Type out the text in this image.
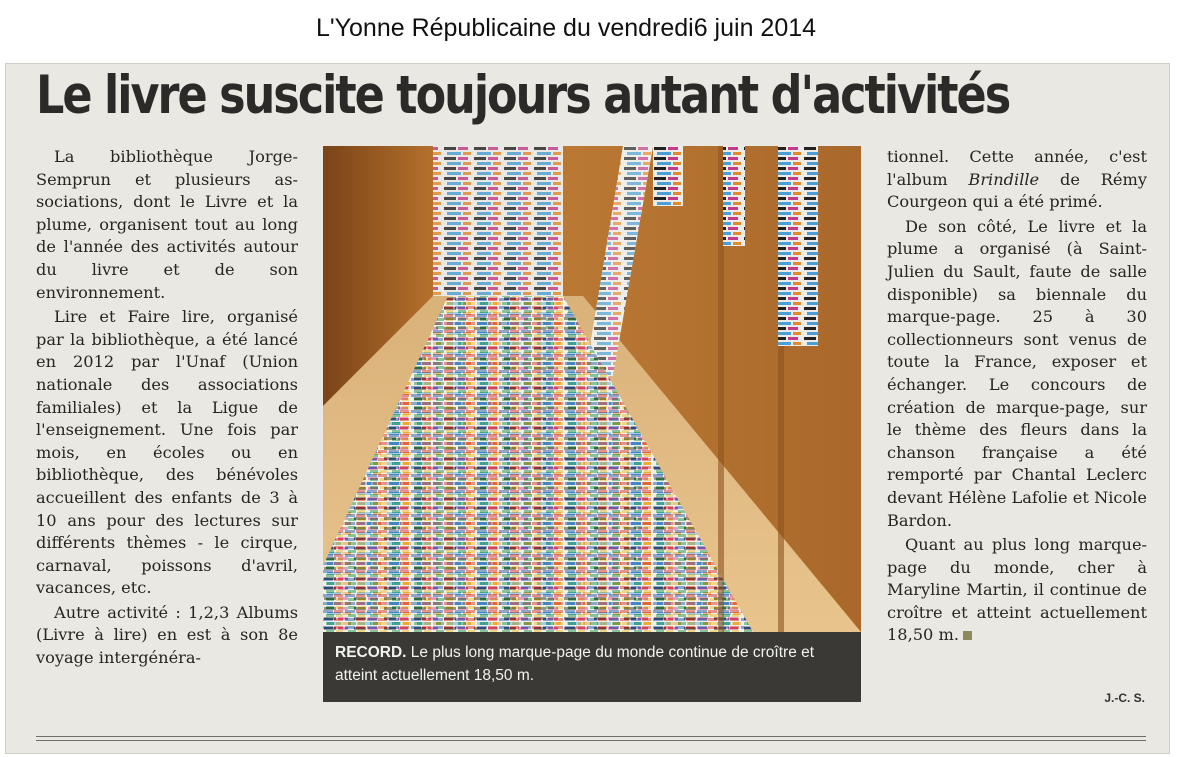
L'Yonne Républicaine du vendredi6 juin 2014
Le livre suscite toujours autant d'activités

La bibliothèque Jorge-Semprun et plusieurs associations, dont le Livre et la plume, organisent tout au long de l'année des activités autour du livre et de son environnement.

Lire et Faire lire, organisé par la bibliothèque, a été lancé en 2012 par l'Unaf (Union nationale des associations familiales) et la Ligue de l'enseignement. Une fois par mois, en écoles ou en bibliothèque, des bénévoles accueillent des enfants de 3 à 10 ans pour des lectures sur différents thèmes - le cirque, carnaval, poissons d'avril, vacances, etc.

Autre activité : 1,2,3 Albums (Livre à lire) en est à son 8e voyage intergénéra-	RECORD. Le plus long marque-page du monde continue de croître et atteint actuellement 18,50 m.

tionnel. Cette année, c'est l'album Brindille de Rémy Courgeon qui a été primé.

De son côté, Le livre et la plume a organisé (à Saint-Julien du Sault, faute de salle disponible) sa biennale du marque-page. 25 à 30 collectionneurs sont venus de toute la France, exposer et échanger. Le concours de création de marque-page, sur le thème des fleurs dans la chanson française a été remporté par Chantal Leclerc devant Hélène Lafolie et Nicole Bardon.

Quant au plus long marque-page du monde, cher à Maryline Martin, il continue de croître et atteint actuellement 18,50 m.

J.-C. S.
